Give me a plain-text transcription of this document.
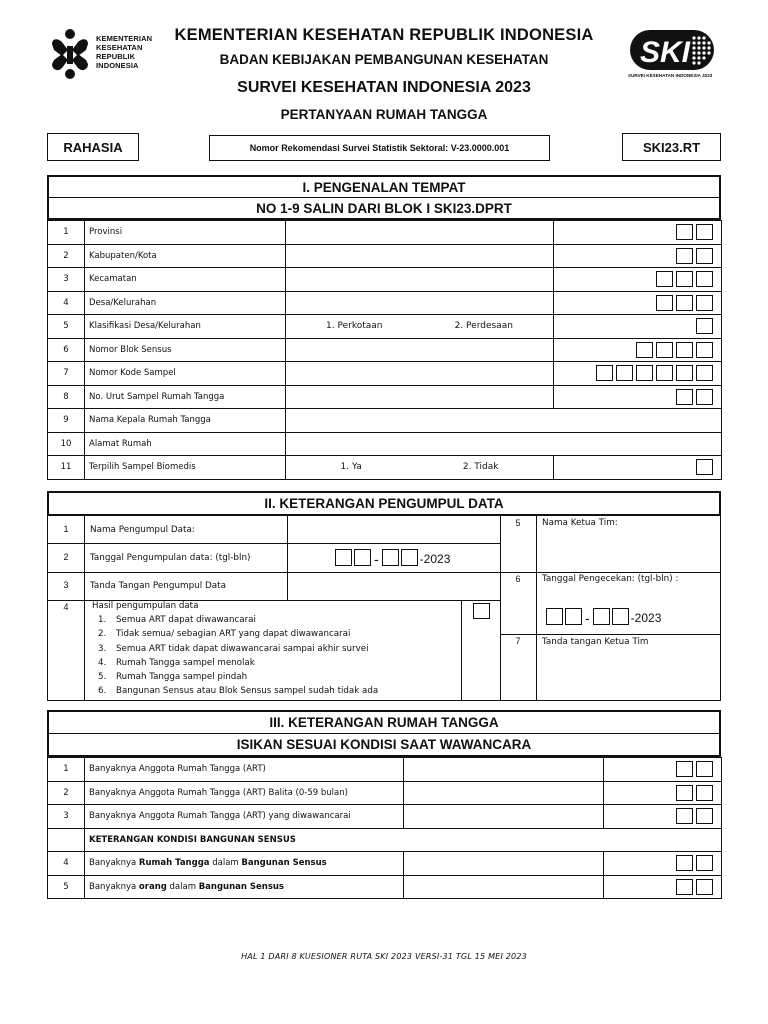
KEMENTERIAN
KESEHATAN
REPUBLIK
INDONESIA
KEMENTERIAN KESEHATAN REPUBLIK INDONESIA
BADAN KEBIJAKAN PEMBANGUNAN KESEHATAN
SURVEI KESEHATAN INDONESIA 2023
PERTANYAAN RUMAH TANGGA
SKI
SURVEI KESEHATAN INDONESIA 2023
RAHASIA	Nomor Rekomendasi Survei Statistik Sektoral: V-23.0000.001	SKI23.RT
I. PENGENALAN TEMPAT
NO 1-9 SALIN DARI BLOK I SKI23.DPRT
1	Provinsi		

2	Kabupaten/Kota		

3	Kecamatan		

4	Desa/Kelurahan		

5	Klasifikasi Desa/Kelurahan	1. Perkotaan 2. Perdesaan	

6	Nomor Blok Sensus		

7	Nomor Kode Sampel		

8	No. Urut Sampel Rumah Tangga		

9	Nama Kepala Rumah Tangga		
10	Alamat Rumah		
11	Terpilih Sampel Biomedis	1. Ya 2. Tidak	

II. KETERANGAN PENGUMPUL DATA
1	Nama Pengumpul Data:
2	Tanggal Pengumpulan data: (tgl-bln)	-	-2023
3	Tanda Tangan Pengumpul Data
4	Hasil pengumpulan data
1.	Semua ART dapat diwawancarai
2.	Tidak semua/ sebagian ART yang dapat diwawancarai
3.	Semua ART tidak dapat diwawancarai sampai akhir survei
4.	Rumah Tangga sampel menolak
5.	Rumah Tangga sampel pindah
6.	Bangunan Sensus atau Blok Sensus sampel sudah tidak ada
5	Nama Ketua Tim:
6	Tanggal Pengecekan: (tgl-bln) :
-	-2023
7	Tanda tangan Ketua Tim
III. KETERANGAN RUMAH TANGGA
ISIKAN SESUAI KONDISI SAAT WAWANCARA
1	Banyaknya Anggota Rumah Tangga (ART)		

2	Banyaknya Anggota Rumah Tangga (ART) Balita (0-59 bulan)		

3	Banyaknya Anggota Rumah Tangga (ART) yang diwawancarai		

	KETERANGAN KONDISI BANGUNAN SENSUS		
4	Banyaknya Rumah Tangga dalam Bangunan Sensus		

5	Banyaknya orang dalam Bangunan Sensus		
HAL 1 DARI 8 KUESIONER RUTA SKI 2023 VERSI-31 TGL 15 MEI 2023
